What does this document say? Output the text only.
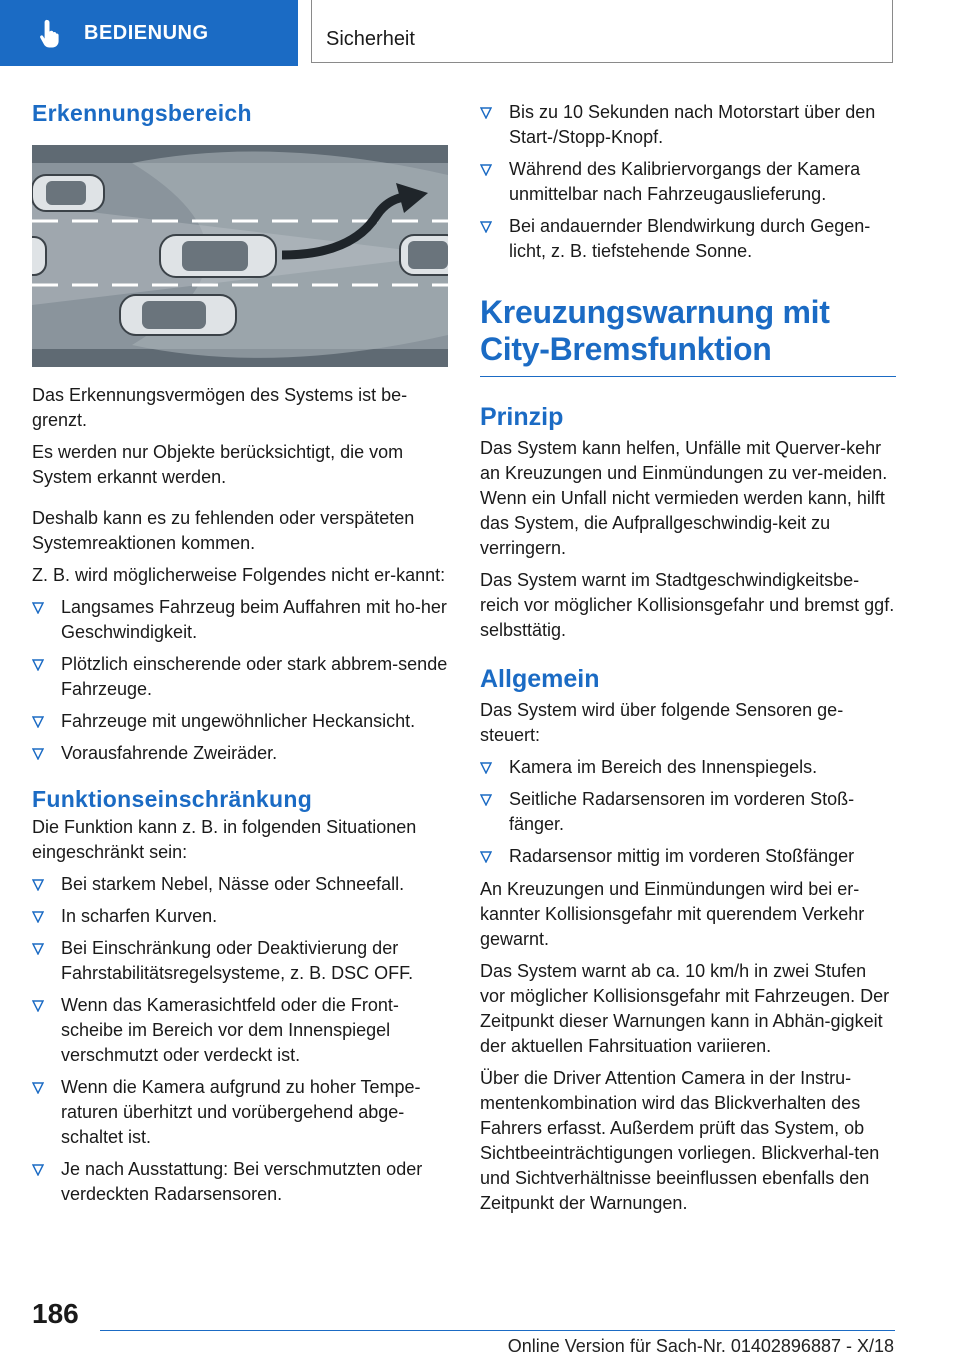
BEDIENUNG	Sicherheit
Erkennungsbereich

Das Erkennungsvermögen des Systems ist be‐grenzt.

Es werden nur Objekte berücksichtigt, die vom System erkannt werden.

Deshalb kann es zu fehlenden oder verspäteten Systemreaktionen kommen.

Z. B. wird möglicherweise Folgendes nicht er‐kannt:

Langsames Fahrzeug beim Auffahren mit ho‐her Geschwindigkeit.
Plötzlich einscherende oder stark abbrem‐sende Fahrzeuge.
Fahrzeuge mit ungewöhnlicher Heckansicht.
Vorausfahrende Zweiräder.
Funktionseinschränkung

Die Funktion kann z. B. in folgenden Situationen eingeschränkt sein:

Bei starkem Nebel, Nässe oder Schneefall.
In scharfen Kurven.
Bei Einschränkung oder Deaktivierung der Fahrstabilitätsregelsysteme, z. B. DSC OFF.
Wenn das Kamerasichtfeld oder die Front‐scheibe im Bereich vor dem Innenspiegel verschmutzt oder verdeckt ist.
Wenn die Kamera aufgrund zu hoher Tempe‐raturen überhitzt und vorübergehend abge‐schaltet ist.
Je nach Ausstattung: Bei verschmutzten oder verdeckten Radarsensoren.
Bis zu 10 Sekunden nach Motorstart über den Start-/Stopp-Knopf.
Während des Kalibriervorgangs der Kamera unmittelbar nach Fahrzeugauslieferung.
Bei andauernder Blendwirkung durch Gegen‐licht, z. B. tiefstehende Sonne.
Kreuzungswarnung mit
City-Bremsfunktion
Prinzip

Das System kann helfen, Unfälle mit Querver‐kehr an Kreuzungen und Einmündungen zu ver‐meiden. Wenn ein Unfall nicht vermieden werden kann, hilft das System, die Aufprallgeschwindig‐keit zu verringern.

Das System warnt im Stadtgeschwindigkeitsbe‐reich vor möglicher Kollisionsgefahr und bremst ggf. selbsttätig.

Allgemein

Das System wird über folgende Sensoren ge‐steuert:

Kamera im Bereich des Innenspiegels.
Seitliche Radarsensoren im vorderen Stoß‐fänger.
Radarsensor mittig im vorderen Stoßfänger

An Kreuzungen und Einmündungen wird bei er‐kannter Kollisionsgefahr mit querendem Verkehr gewarnt.

Das System warnt ab ca. 10 km/h in zwei Stufen vor möglicher Kollisionsgefahr mit Fahrzeugen. Der Zeitpunkt dieser Warnungen kann in Abhän‐gigkeit der aktuellen Fahrsituation variieren.

Über die Driver Attention Camera in der Instru‐mentenkombination wird das Blickverhalten des Fahrers erfasst. Außerdem prüft das System, ob Sichtbeeinträchtigungen vorliegen. Blickverhal‐ten und Sichtverhältnisse beeinflussen ebenfalls den Zeitpunkt der Warnungen.

186
Online Version für Sach-Nr. 01402896887 - X/18
